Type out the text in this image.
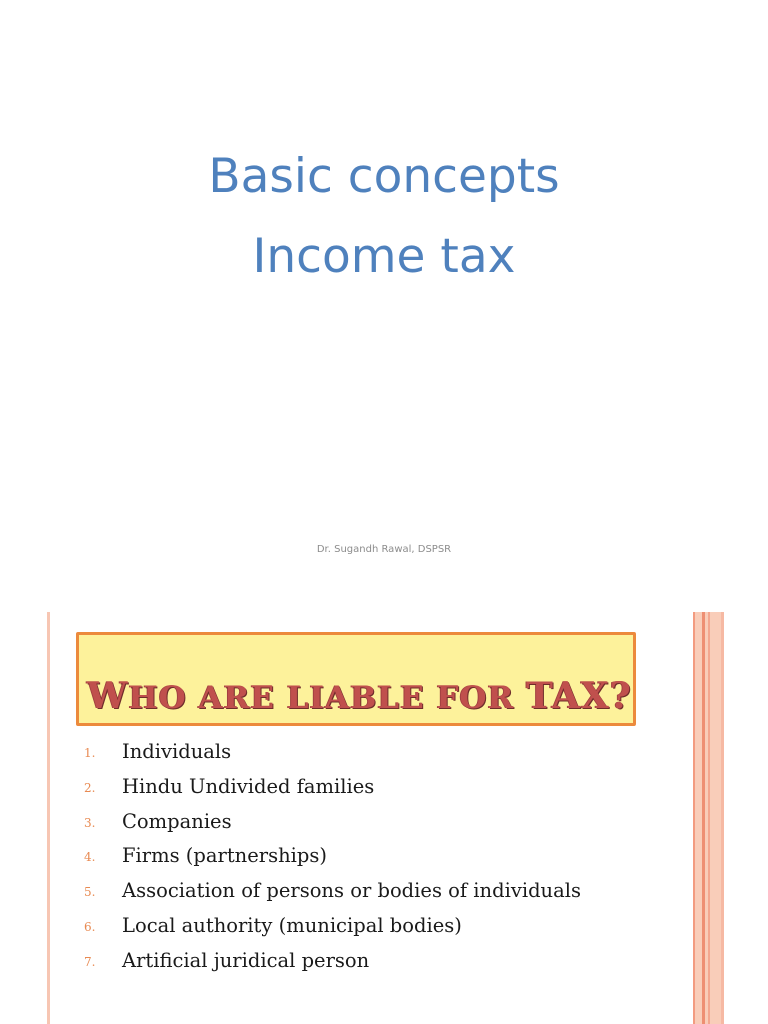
Basic concepts
Income tax
Dr. Sugandh Rawal, DSPSR
WHO ARE LIABLE FOR TAX?
1.	Individuals
2.	Hindu Undivided families
3.	Companies
4.	Firms (partnerships)
5.	Association of persons or bodies of individuals
6.	Local authority (municipal bodies)
7.	Artificial juridical person
